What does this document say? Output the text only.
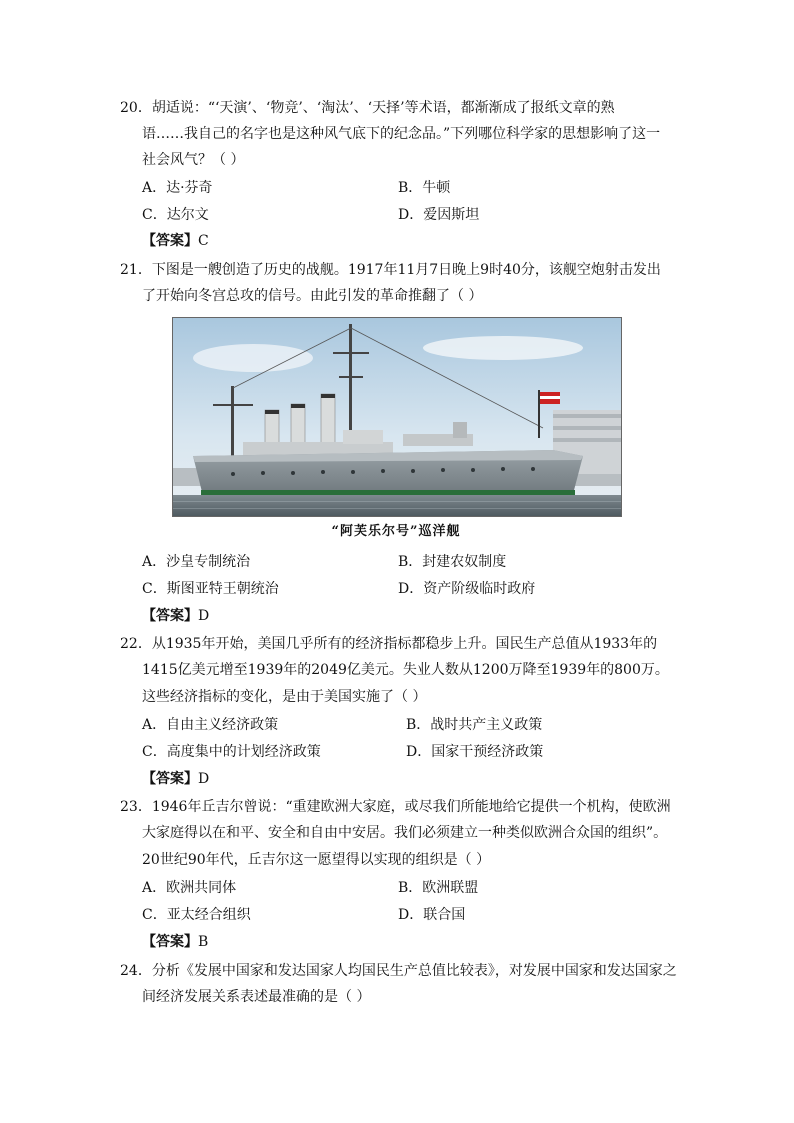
20．胡适说：“‘天演’、‘物竞’、‘淘汰’、‘天择’等术语，都渐渐成了报纸文章的熟
语……我自己的名字也是这种风气底下的纪念品。”下列哪位科学家的思想影响了这一
社会风气？（ ）
A．达·芬奇	B．牛顿
C．达尔文	D．爱因斯坦
【答案】C
21．下图是一艘创造了历史的战舰。1917年11月7日晚上9时40分，该舰空炮射击发出
了开始向冬宫总攻的信号。由此引发的革命推翻了（ ）
“阿芙乐尔号”巡洋舰
A．沙皇专制统治	B．封建农奴制度
C．斯图亚特王朝统治	D．资产阶级临时政府
【答案】D
22．从1935年开始，美国几乎所有的经济指标都稳步上升。国民生产总值从1933年的
1415亿美元增至1939年的2049亿美元。失业人数从1200万降至1939年的800万。
这些经济指标的变化，是由于美国实施了（ ）
A．自由主义经济政策	B．战时共产主义政策
C．高度集中的计划经济政策	D．国家干预经济政策
【答案】D
23．1946年丘吉尔曾说：“重建欧洲大家庭，或尽我们所能地给它提供一个机构，使欧洲
大家庭得以在和平、安全和自由中安居。我们必须建立一种类似欧洲合众国的组织”。
20世纪90年代，丘吉尔这一愿望得以实现的组织是（ ）
A．欧洲共同体	B．欧洲联盟
C．亚太经合组织	D．联合国
【答案】B
24．分析《发展中国家和发达国家人均国民生产总值比较表》，对发展中国家和发达国家之
间经济发展关系表述最准确的是（ ）
